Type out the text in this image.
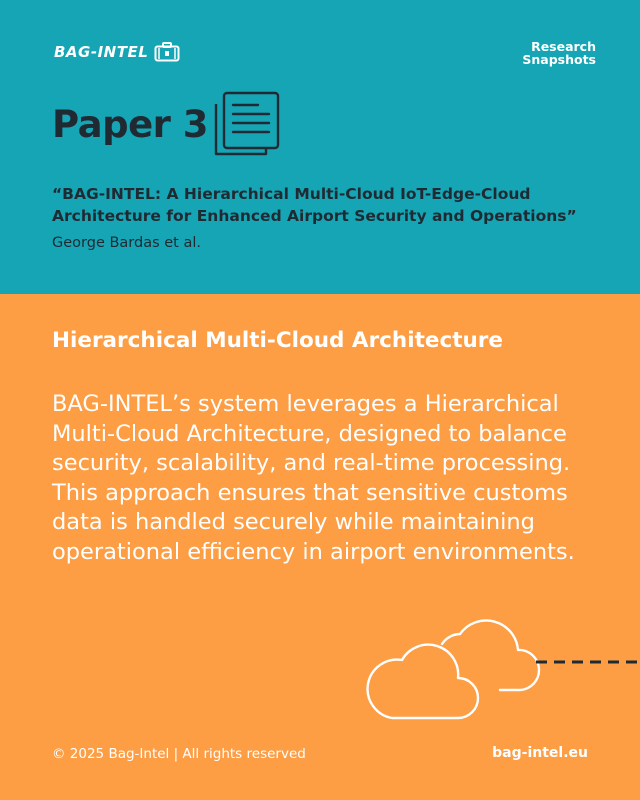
BAG-INTEL	Research
Snapshots
Paper 3
“BAG-INTEL: A Hierarchical Multi-Cloud IoT-Edge-Cloud Architecture for Enhanced Airport Security and Operations”
George Bardas et al.
Hierarchical Multi-Cloud Architecture
BAG-INTEL’s system leverages a Hierarchical Multi-Cloud Architecture, designed to balance security, scalability, and real-time processing. This approach ensures that sensitive customs data is handled securely while maintaining operational efficiency in airport environments.
© 2025 Bag-Intel | All rights reserved	bag-intel.eu
